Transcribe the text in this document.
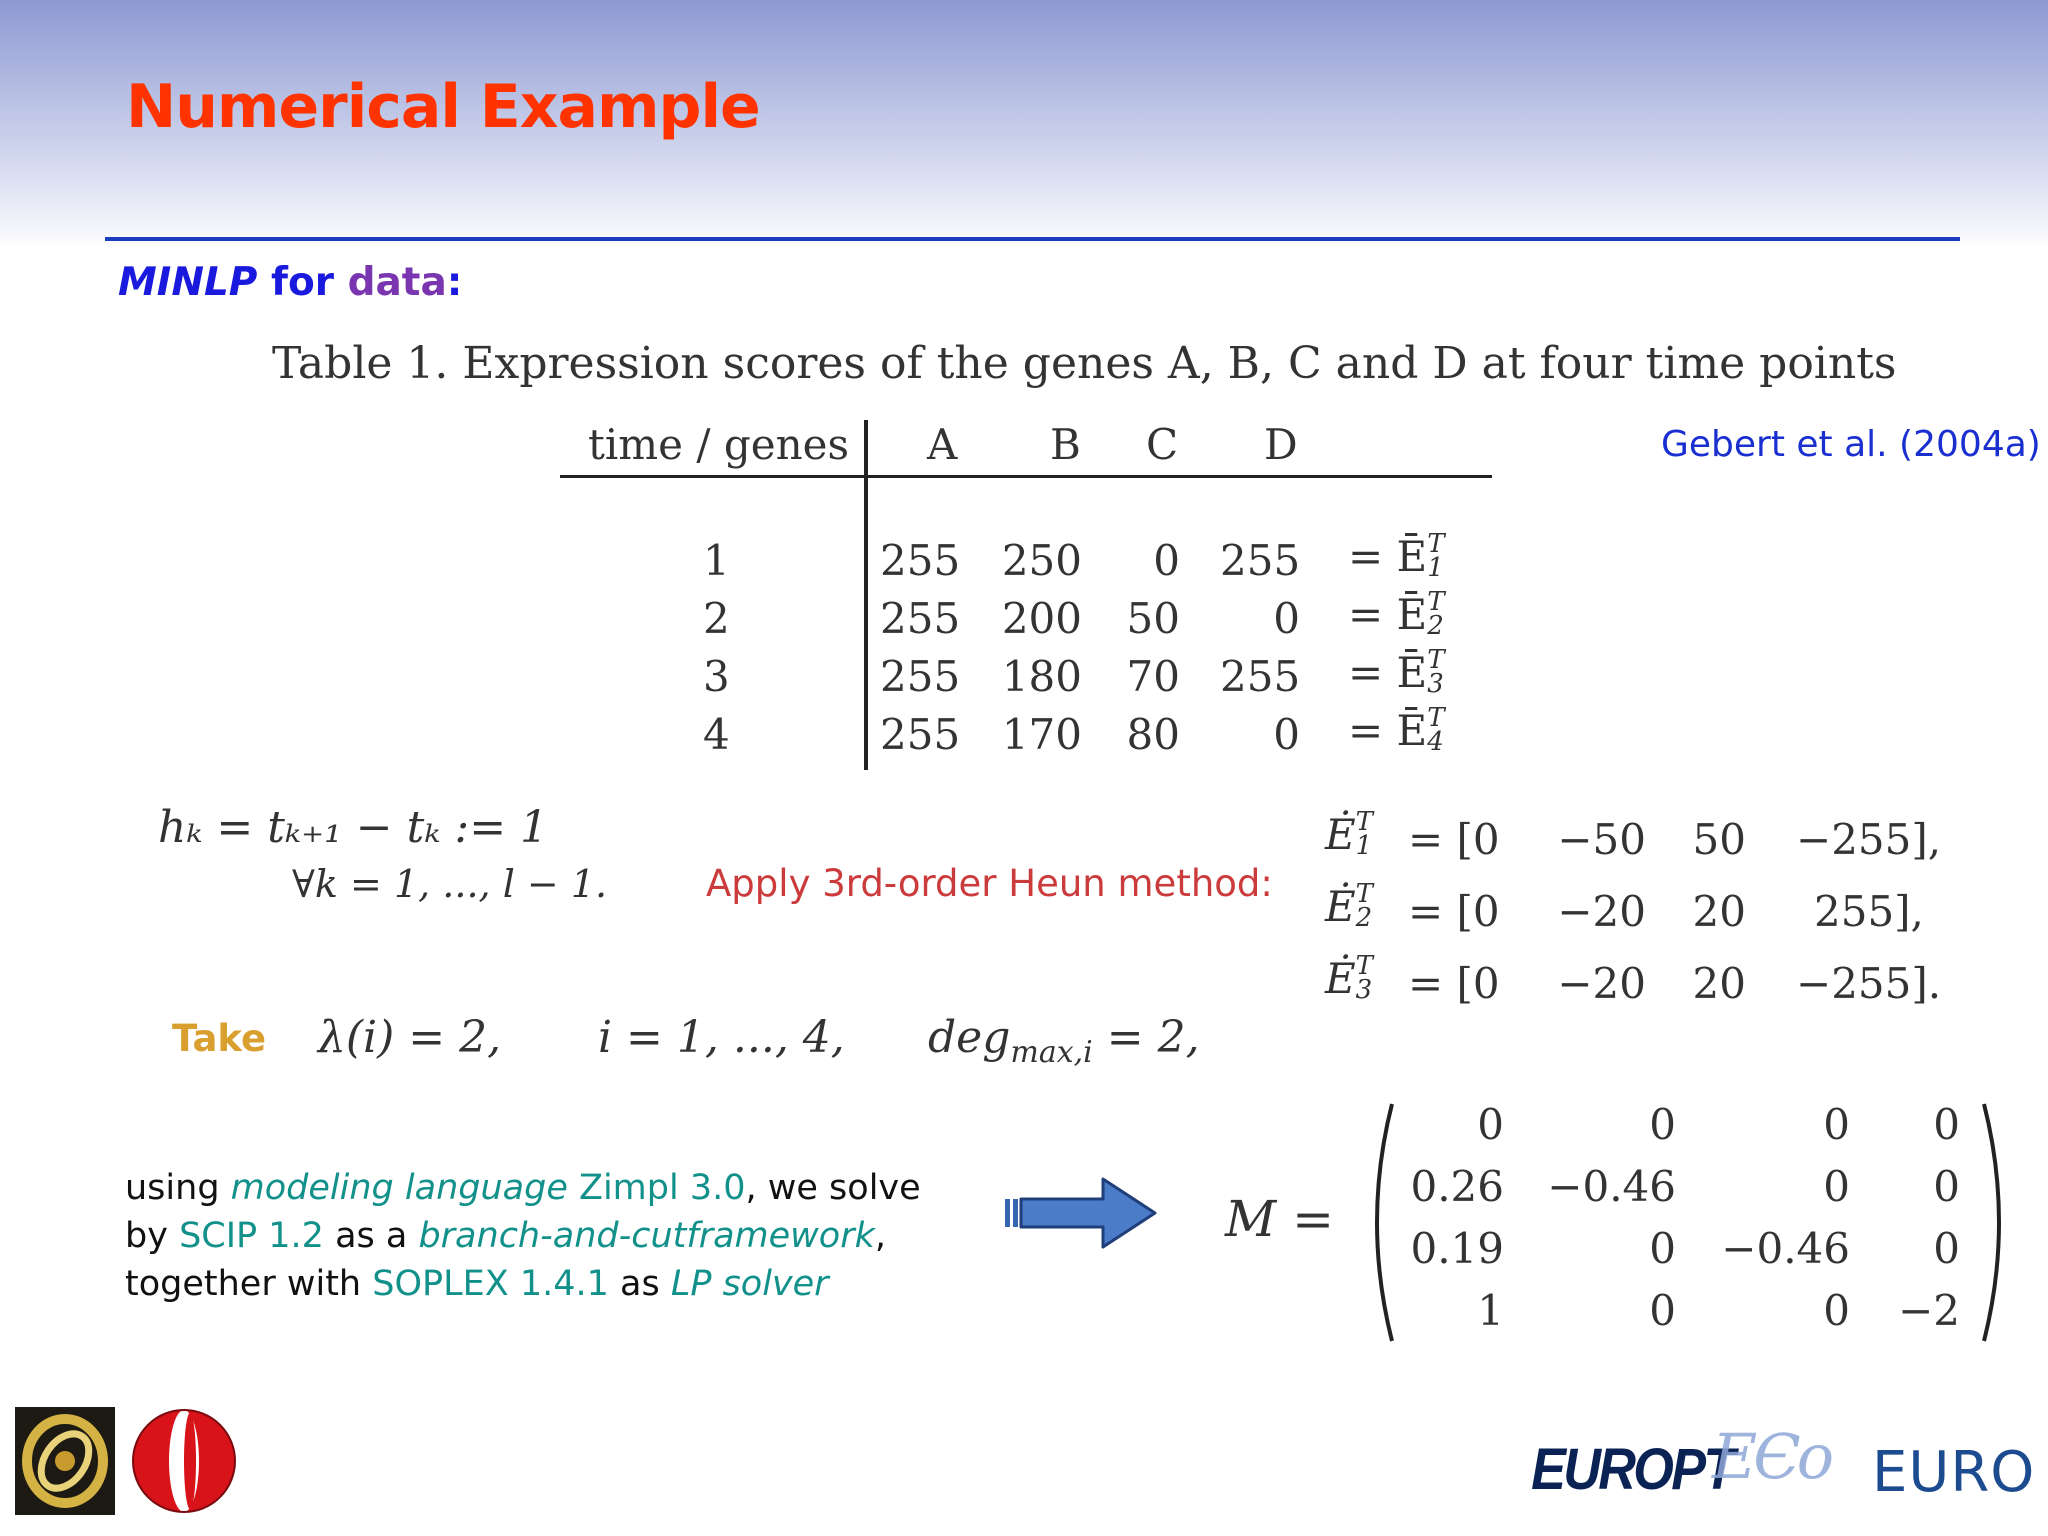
Numerical Example
MINLP for data:
Table 1. Expression scores of the genes A, B, C and D at four time points
Gebert et al. (2004a)
time / genes A B C D
1	255 250	0 255 = Ē T
1
2	255 200	50	0 = Ē T
2
3	255 180	70 255 = Ē T
3
4	255 170	80	0 = Ē T
4
hₖ = tₖ₊₁ − tₖ := 1
∀k = 1, ..., l − 1.	Apply 3rd-order Heun method:
Ė T
1 = [0	−50	50 −255],
Ė T
2 = [0	−20	20 255],
Ė T
3 = [0	−20	20 −255].
Take λ(i) = 2, i = 1, ..., 4, deg$_{max,i}$ = 2,
using modeling language Zimpl 3.0, we solve
by SCIP 1.2 as a branch-and-cutframework,
together with SOPLEX 1.4.1 as LP solver
M =
0	0	0	0
0.26 −0.46	0	0
0.19	0	−0.46	0
1	0	0	−2
EUROPT
EЄo EURO
